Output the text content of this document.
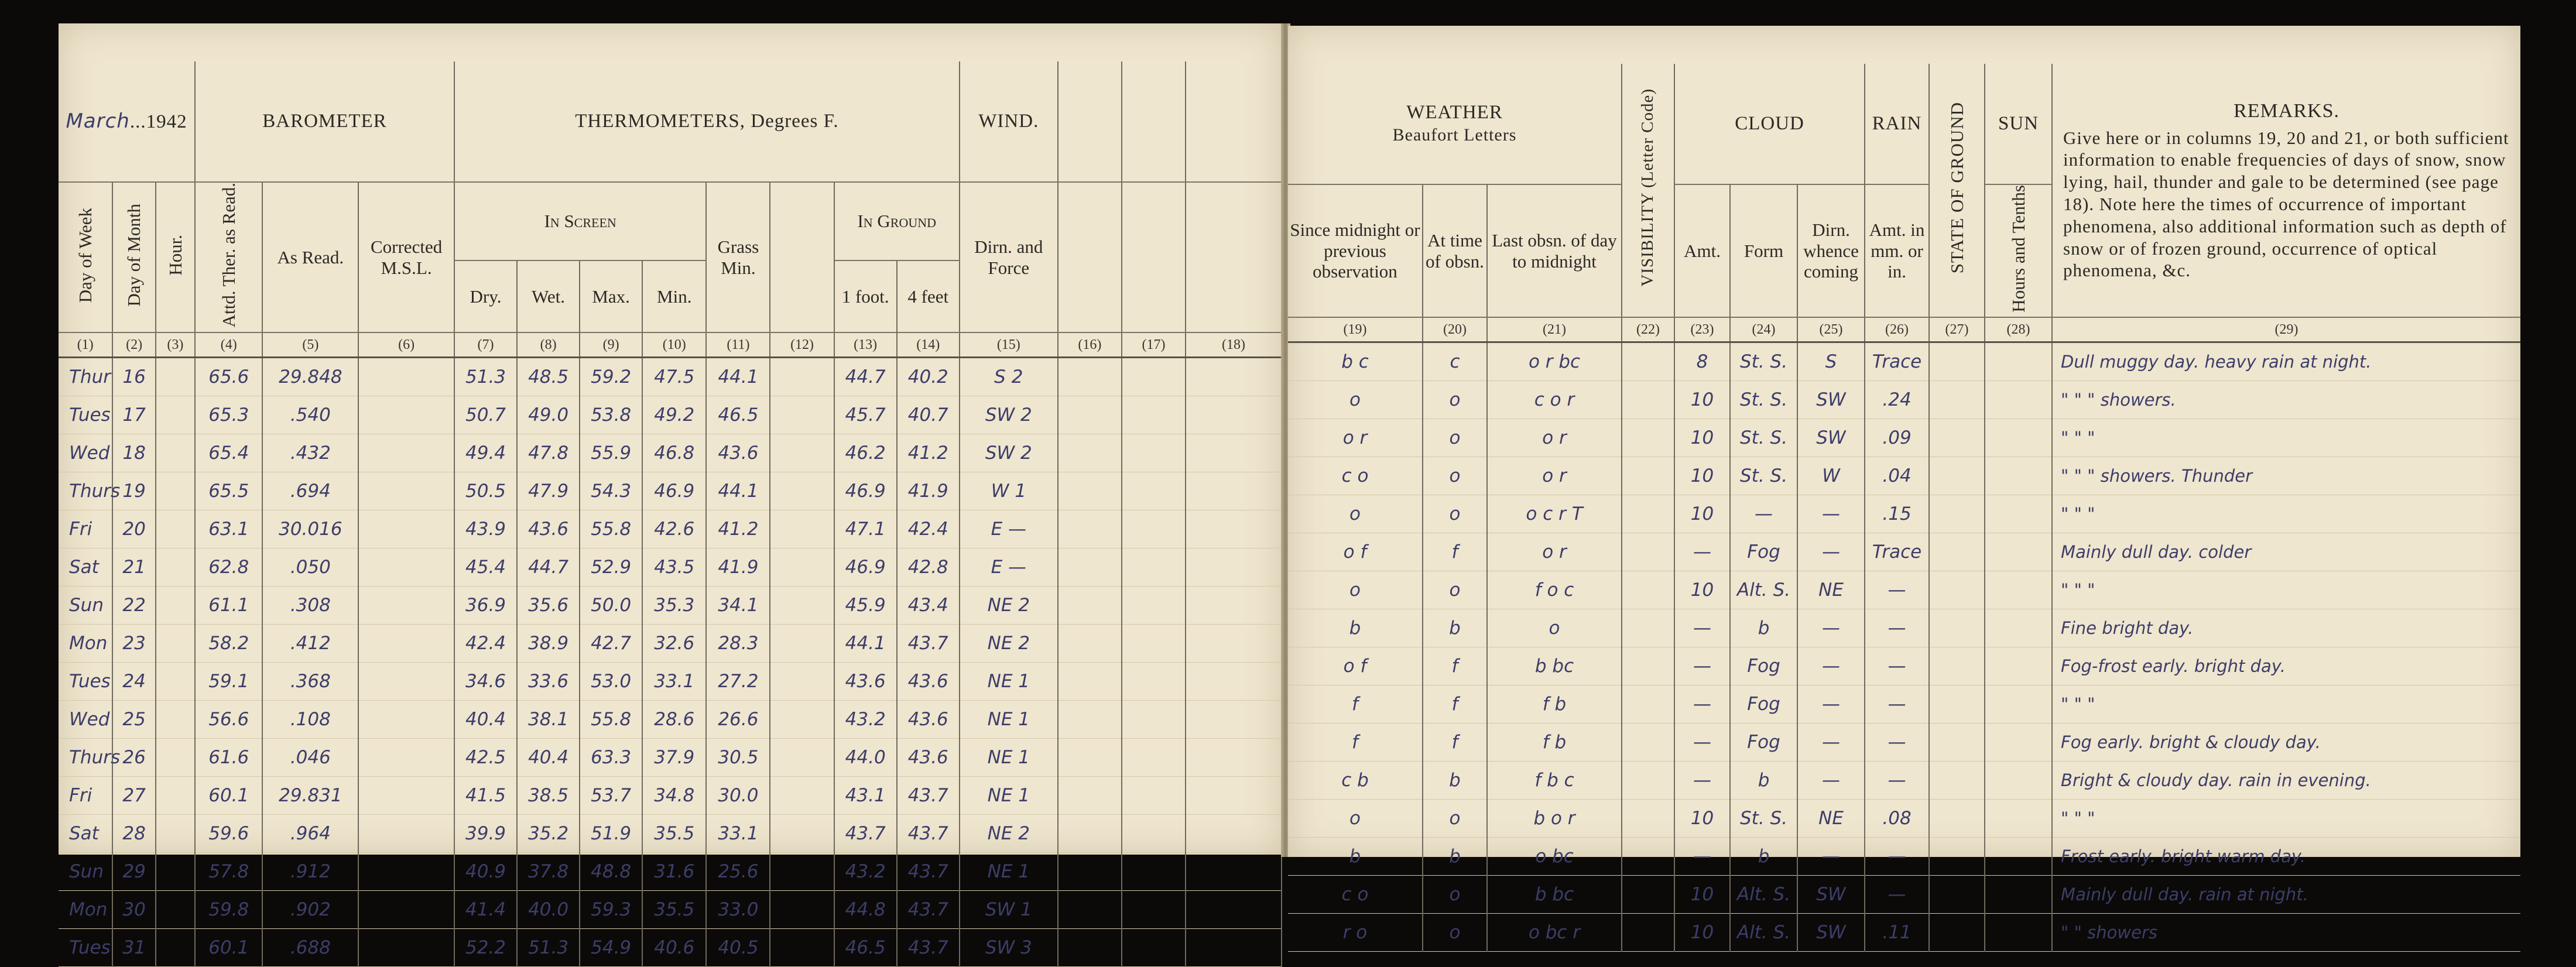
March...1942			BAROMETER			THERMOMETERS, Degrees F.								WIND.			
Day of Week	Day of Month	Hour.	Attd. Ther. as Read.	As Read.	Corrected M.S.L.	In Screen				Grass Min.		In Ground		Dirn. and Force			
						Dry.	Wet.	Max.	Min.			1 foot.	4 feet				
(1)	(2)	(3)	(4)	(5)	(6)	(7)	(8)	(9)	(10)	(11)	(12)	(13)	(14)	(15)	(16)	(17)	(18)
Thur	16		65.6	29.848		51.3	48.5	59.2	47.5	44.1		44.7	40.2	S 2			
Tues	17		65.3	.540		50.7	49.0	53.8	49.2	46.5		45.7	40.7	SW 2			
Wed	18		65.4	.432		49.4	47.8	55.9	46.8	43.6		46.2	41.2	SW 2			
Thurs	19		65.5	.694		50.5	47.9	54.3	46.9	44.1		46.9	41.9	W 1			
Fri	20		63.1	30.016		43.9	43.6	55.8	42.6	41.2		47.1	42.4	E —			
Sat	21		62.8	.050		45.4	44.7	52.9	43.5	41.9		46.9	42.8	E —			
Sun	22		61.1	.308		36.9	35.6	50.0	35.3	34.1		45.9	43.4	NE 2			
Mon	23		58.2	.412		42.4	38.9	42.7	32.6	28.3		44.1	43.7	NE 2			
Tues	24		59.1	.368		34.6	33.6	53.0	33.1	27.2		43.6	43.6	NE 1			
Wed	25		56.6	.108		40.4	38.1	55.8	28.6	26.6		43.2	43.6	NE 1			
Thurs	26		61.6	.046		42.5	40.4	63.3	37.9	30.5		44.0	43.6	NE 1			
Fri	27		60.1	29.831		41.5	38.5	53.7	34.8	30.0		43.1	43.7	NE 1			
Sat	28		59.6	.964		39.9	35.2	51.9	35.5	33.1		43.7	43.7	NE 2			
Sun	29		57.8	.912		40.9	37.8	48.8	31.6	25.6		43.2	43.7	NE 1			
Mon	30		59.8	.902		41.4	40.0	59.3	35.5	33.0		44.8	43.7	SW 1			
Tues	31		60.1	.688		52.2	51.3	54.9	40.6	40.5		46.5	43.7	SW 3			
WEATHER
Beaufort Letters			VISIBILITY (Letter Code)	CLOUD			RAIN	STATE OF GROUND	SUN	REMARKS.
Give here or in columns 19, 20 and 21, or both sufficient information to enable frequencies of days of snow, snow lying, hail, thunder and gale to be determined (see page 18). Note here the times of occurrence of important phenomena, also additional information such as depth of snow or of frozen ground, occurrence of optical phenomena, &c.
Since midnight or previous observation	At time of obsn.	Last obsn. of day to midnight		Amt.	Form	Dirn. whence coming	Amt. in mm. or in.		Hours and Tenths	

(19)	(20)	(21)	(22)	(23)	(24)	(25)	(26)	(27)	(28)	(29)
b c	c	o r bc		8	St. S.	S	Trace			Dull muggy day. heavy rain at night.
o	o	c o r		10	St. S.	SW	.24			" " " showers.
o r	o	o r		10	St. S.	SW	.09			" " "
c o	o	o r		10	St. S.	W	.04			" " " showers. Thunder
o	o	o c r T		10	—	—	.15			" " "
o f	f	o r		—	Fog	—	Trace			Mainly dull day. colder
o	o	f o c		10	Alt. S.	NE	—			" " "
b	b	o		—	b	—	—			Fine bright day.
o f	f	b bc		—	Fog	—	—			Fog-frost early. bright day.
f	f	f b		—	Fog	—	—			" " "
f	f	f b		—	Fog	—	—			Fog early. bright & cloudy day.
c b	b	f b c		—	b	—	—			Bright & cloudy day. rain in evening.
o	o	b o r		10	St. S.	NE	.08			" " "
b	b	o bc		—	b	—	—			Frost early. bright warm day.
c o	o	b bc		10	Alt. S.	SW	—			Mainly dull day. rain at night.
r o	o	o bc r		10	Alt. S.	SW	.11			" " showers
